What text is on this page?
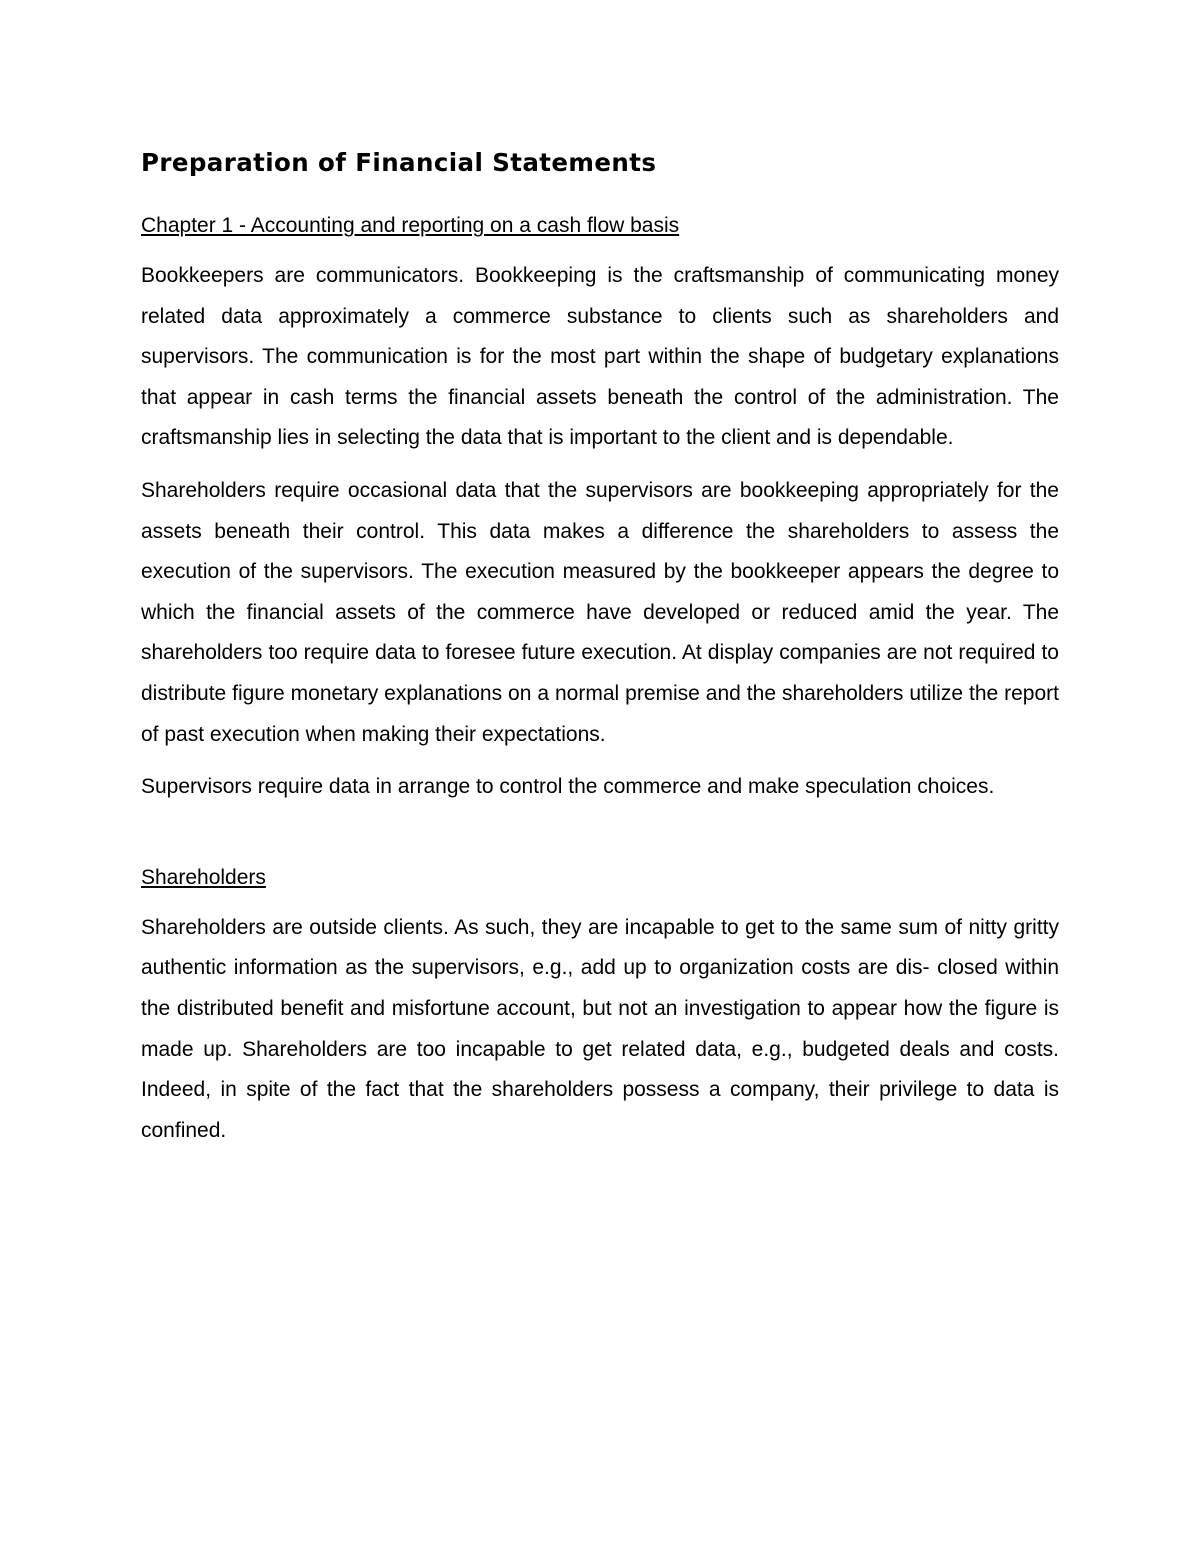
Preparation of Financial Statements
Chapter 1 - Accounting and reporting on a cash flow basis

Bookkeepers are communicators. Bookkeeping is the craftsmanship of communicating money related data approximately a commerce substance to clients such as shareholders and supervisors. The communication is for the most part within the shape of budgetary explanations that appear in cash terms the financial assets beneath the control of the administration. The craftsmanship lies in selecting the data that is important to the client and is dependable.

Shareholders require occasional data that the supervisors are bookkeeping appropriately for the assets beneath their control. This data makes a difference the shareholders to assess the execution of the supervisors. The execution measured by the bookkeeper appears the degree to which the financial assets of the commerce have developed or reduced amid the year. The shareholders too require data to foresee future execution. At display companies are not required to distribute figure monetary explanations on a normal premise and the shareholders utilize the report of past execution when making their expectations.

Supervisors require data in arrange to control the commerce and make speculation choices.

Shareholders

Shareholders are outside clients. As such, they are incapable to get to the same sum of nitty gritty authentic information as the supervisors, e.g., add up to organization costs are dis- closed within the distributed benefit and misfortune account, but not an investigation to appear how the figure is made up. Shareholders are too incapable to get related data, e.g., budgeted deals and costs. Indeed, in spite of the fact that the shareholders possess a company, their privilege to data is confined.
